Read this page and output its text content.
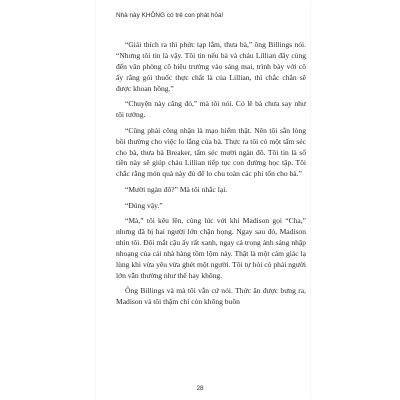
Nhà này KHÔNG có trẻ con phát hỏa!

“Giải thích ra thì phức tạp lắm, thưa bà,” ông Billings nói. “Nhưng tôi tin là vậy. Tôi tin nếu bà và cháu Lillian đây cùng đến văn phòng cô hiệu trưởng vào sáng mai, trình bày với cô ấy rằng gói thuốc thực chất là của Lillian, thì chắc chắn sẽ được khoan hồng.”

“Chuyện này căng đó,” mà tôi nói. Có lẽ bà chưa say như tôi tưởng.

“Cũng phải công nhận là mạo hiểm thật. Nên tôi sẵn lòng bồi thường cho việc lo lắng của bà. Thực ra tôi có một tấm séc cho bà, thưa bà Breaker, tấm séc mười ngàn đô. Tôi tin là số tiền này sẽ giúp cháu Lillian tiếp tục con đường học tập. Tôi chắc rằng món quà này đủ để lo chu toàn các phí tổn cho bà.”

“Mười ngàn đô?” Mà tôi nhắc lại.

“Đúng vậy.”

“Mà,” tôi kêu lên, cùng lúc với khi Madison gọi “Cha,” nhưng đã bị hai người lớn chặn họng. Ngay sau đó, Madison nhìn tôi. Đôi mắt cậu ấy rất xanh, ngay cả trong ánh sáng nhập nhoạng của cái nhà hàng tồm lộm này. Thật là một cảm giác lạ lùng khi vừa yêu vừa ghét một người. Tôi tự hỏi có phải người lớn vẫn thường như thế hay không.

Ông Billings và mà tôi vẫn cứ nói. Thức ăn được bưng ra, Madison và tôi thậm chí còn không buồn

28
